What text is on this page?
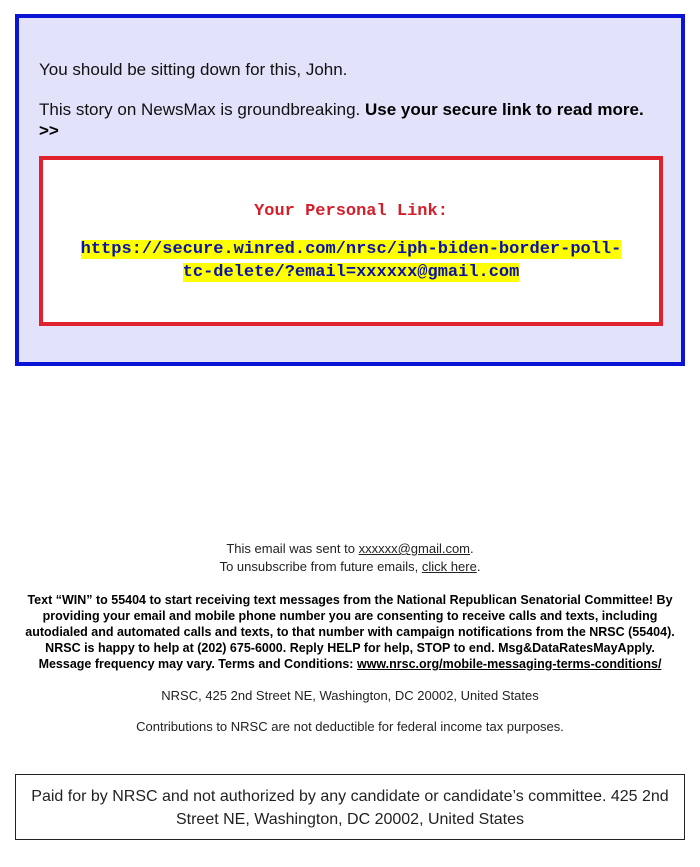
You should be sitting down for this, John.
This story on NewsMax is groundbreaking. Use your secure link to read more. >>
Your Personal Link:
https://secure.winred.com/nrsc/iph-biden-border-poll-tc-delete/?email=xxxxxx@gmail.com

This email was sent to xxxxxx@gmail.com.

To unsubscribe from future emails, click here.

Text “WIN” to 55404 to start receiving text messages from the National Republican Senatorial Committee! By providing your email and mobile phone number you are consenting to receive calls and texts, including autodialed and automated calls and texts, to that number with campaign notifications from the NRSC (55404). NRSC is happy to help at (202) 675-6000. Reply HELP for help, STOP to end. Msg&DataRatesMayApply. Message frequency may vary. Terms and Conditions: www.nrsc.org/mobile-messaging-terms-conditions/

NRSC, 425 2nd Street NE, Washington, DC 20002, United States

Contributions to NRSC are not deductible for federal income tax purposes.

Paid for by NRSC and not authorized by any candidate or candidate’s committee. 425 2nd Street NE, Washington, DC 20002, United States
